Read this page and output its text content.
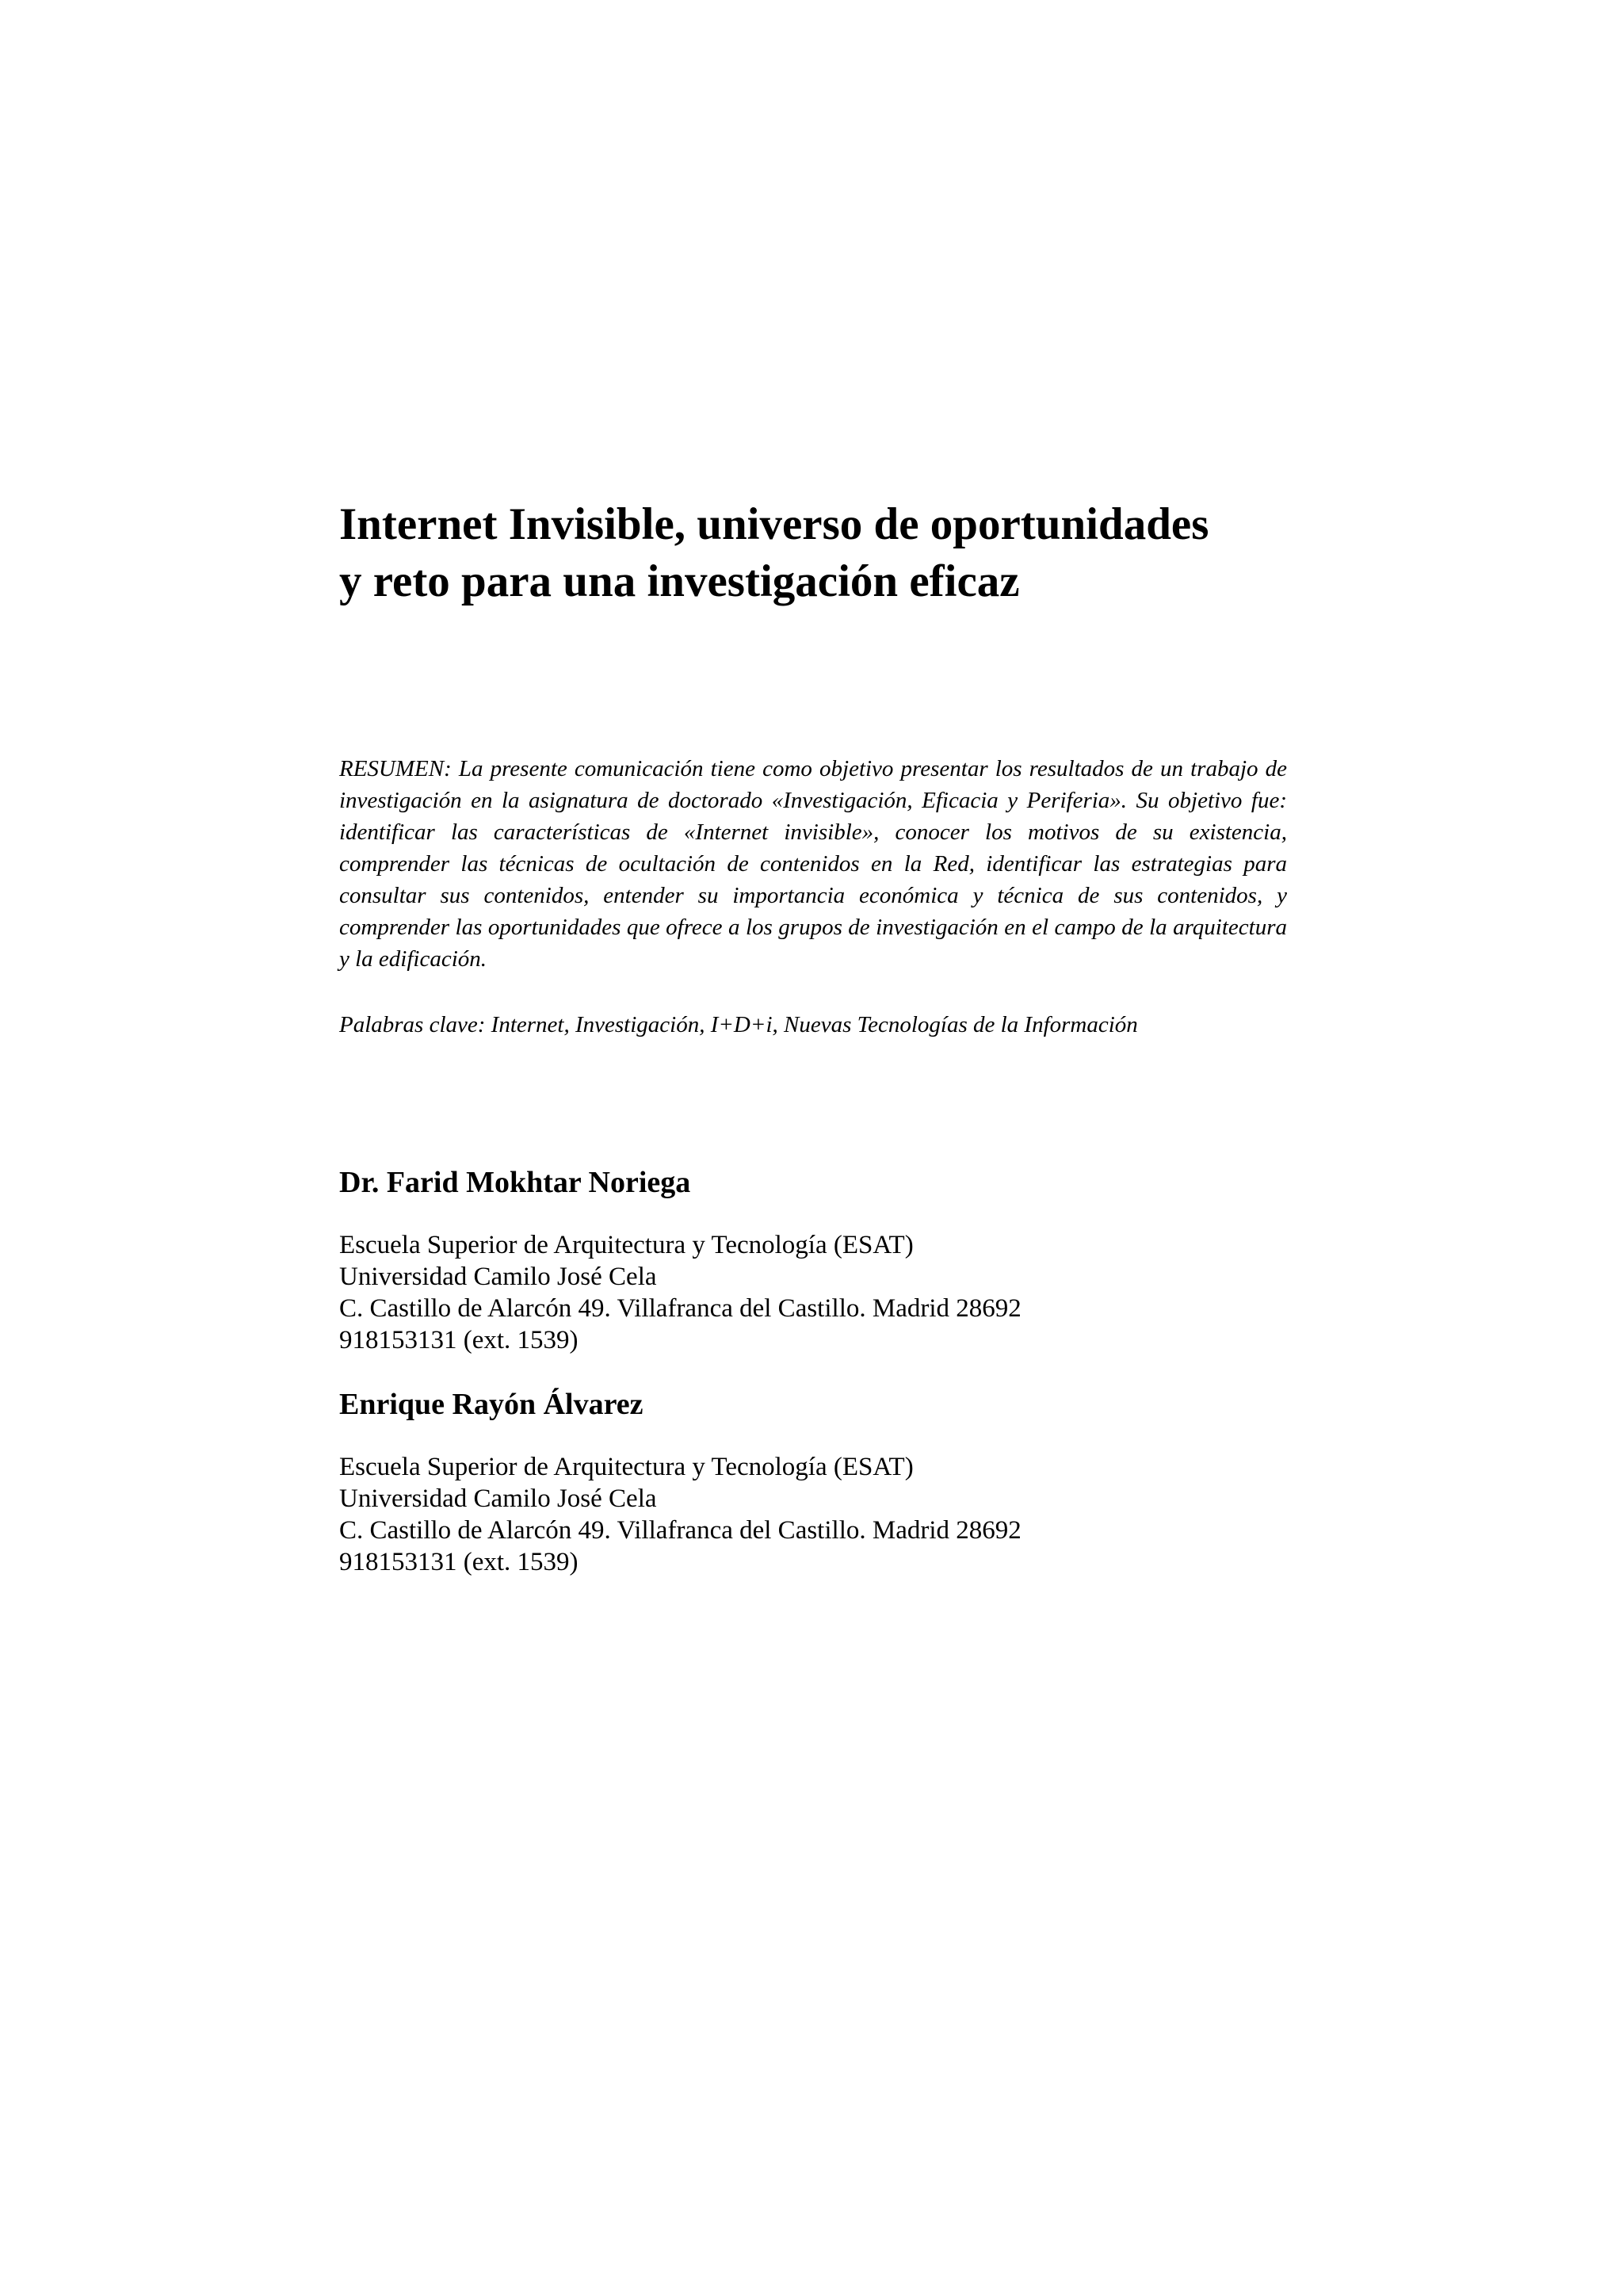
Internet Invisible, universo de oportunidades
y reto para una investigación eficaz

RESUMEN: La presente comunicación tiene como objetivo presentar los resultados de un trabajo de investigación en la asignatura de doctorado «Investigación, Eficacia y Periferia». Su objetivo fue: identificar las características de «Internet invisible», conocer los motivos de su existencia, comprender las técnicas de ocultación de contenidos en la Red, identificar las estrategias para consultar sus contenidos, entender su importancia económica y técnica de sus contenidos, y comprender las oportunidades que ofrece a los grupos de investigación en el campo de la arquitectura y la edificación.

Palabras clave: Internet, Investigación, I+D+i, Nuevas Tecnologías de la Información

Dr. Farid Mokhtar Noriega
Escuela Superior de Arquitectura y Tecnología (ESAT)
Universidad Camilo José Cela
C. Castillo de Alarcón 49. Villafranca del Castillo. Madrid 28692
918153131 (ext. 1539)
Enrique Rayón Álvarez
Escuela Superior de Arquitectura y Tecnología (ESAT)
Universidad Camilo José Cela
C. Castillo de Alarcón 49. Villafranca del Castillo. Madrid 28692
918153131 (ext. 1539)
